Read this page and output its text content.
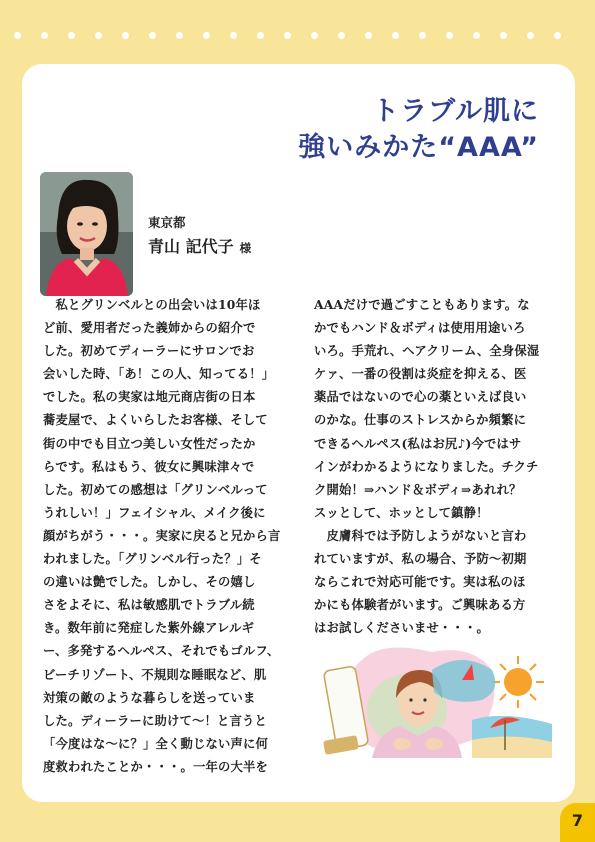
トラブル肌に
強いみかた“AAA”
東京都
青山 記代子 様
　私とグリンベルとの出会いは10年ほ
ど前、愛用者だった義姉からの紹介で
した。初めてディーラーにサロンでお
会いした時、「あ！この人、知ってる！」
でした。私の実家は地元商店街の日本
蕎麦屋で、よくいらしたお客様、そして
街の中でも目立つ美しい女性だったか
らです。私はもう、彼女に興味津々で
した。初めての感想は「グリンベルって
うれしい！」フェイシャル、メイク後に
顔がちがう・・・。実家に戻ると兄から言
われました。「グリンベル行った？」そ
の違いは艶でした。しかし、その嬉し
さをよそに、私は敏感肌でトラブル続
き。数年前に発症した紫外線アレルギ
ー、多発するヘルペス、それでもゴルフ、
ビーチリゾート、不規則な睡眠など、肌
対策の敵のような暮らしを送っていま
した。ディーラーに助けて～！と言うと
「今度はな～に？」全く動じない声に何
度救われたことか・・・。一年の大半を
AAAだけで過ごすこともあります。な
かでもハンド＆ボディは使用用途いろ
いろ。手荒れ、ヘアクリーム、全身保湿
ケァ、一番の役割は炎症を抑える、医
薬品ではないので心の薬といえば良い
のかな。仕事のストレスからか頻繁に
できるヘルペス(私はお尻♪)今ではサ
インがわかるようになりました。チクチ
ク開始！⇒ハンド＆ボディ⇒あれれ？
スッとして、ホッとして鎮静！
　皮膚科では予防しようがないと言わ
れていますが、私の場合、予防～初期
ならこれで対応可能です。実は私のほ
かにも体験者がいます。ご興味ある方
はお試しくださいませ・・・。
7
